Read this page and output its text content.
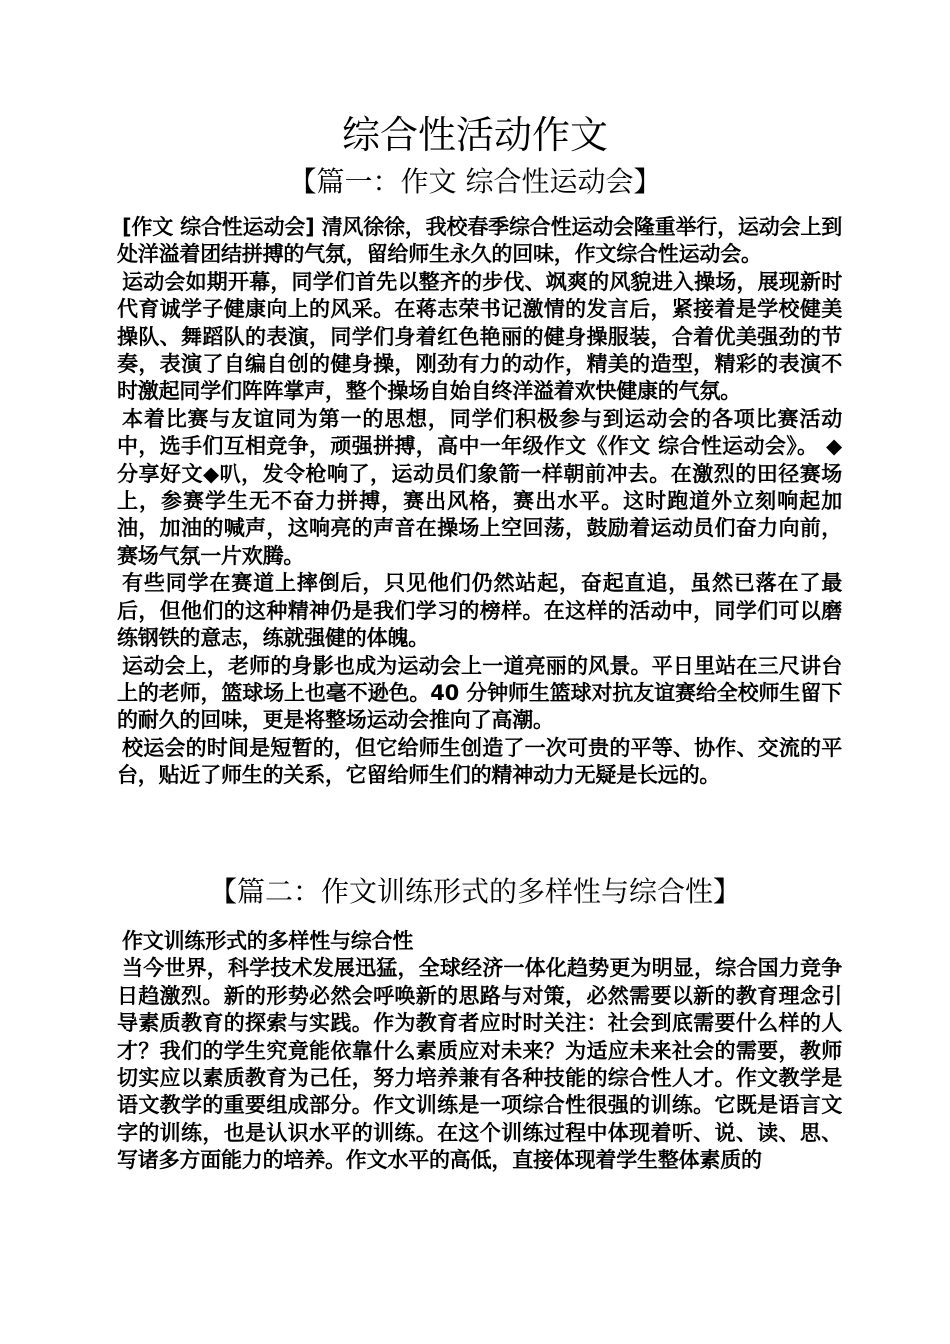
综合性活动作文
【篇一：作文 综合性运动会】

[作文 综合性运动会] 清风徐徐，我校春季综合性运动会隆重举行，运动会上到处洋溢着团结拼搏的气氛，留给师生永久的回味，作文综合性运动会。

运动会如期开幕，同学们首先以整齐的步伐、飒爽的风貌进入操场，展现新时代育诚学子健康向上的风采。在蒋志荣书记激情的发言后，紧接着是学校健美操队、舞蹈队的表演，同学们身着红色艳丽的健身操服装，合着优美强劲的节奏，表演了自编自创的健身操，刚劲有力的动作，精美的造型，精彩的表演不时激起同学们阵阵掌声，整个操场自始自终洋溢着欢快健康的气氛。

本着比赛与友谊同为第一的思想，同学们积极参与到运动会的各项比赛活动中，选手们互相竞争，顽强拼搏，高中一年级作文《作文 综合性运动会》。 ◆分享好文◆叭，发令枪响了，运动员们象箭一样朝前冲去。在激烈的田径赛场上，参赛学生无不奋力拼搏，赛出风格，赛出水平。这时跑道外立刻响起加油，加油的喊声，这响亮的声音在操场上空回荡，鼓励着运动员们奋力向前，赛场气氛一片欢腾。

有些同学在赛道上摔倒后，只见他们仍然站起，奋起直追，虽然已落在了最后，但他们的这种精神仍是我们学习的榜样。在这样的活动中，同学们可以磨练钢铁的意志，练就强健的体魄。

运动会上，老师的身影也成为运动会上一道亮丽的风景。平日里站在三尺讲台上的老师，篮球场上也毫不逊色。40 分钟师生篮球对抗友谊赛给全校师生留下的耐久的回味，更是将整场运动会推向了高潮。

校运会的时间是短暂的，但它给师生创造了一次可贵的平等、协作、交流的平台，贴近了师生的关系，它留给师生们的精神动力无疑是长远的。

【篇二：作文训练形式的多样性与综合性】

作文训练形式的多样性与综合性

当今世界，科学技术发展迅猛，全球经济一体化趋势更为明显，综合国力竞争日趋激烈。新的形势必然会呼唤新的思路与对策，必然需要以新的教育理念引导素质教育的探索与实践。作为教育者应时时关注：社会到底需要什么样的人才？我们的学生究竟能依靠什么素质应对未来？为适应未来社会的需要，教师切实应以素质教育为己任，努力培养兼有各种技能的综合性人才。作文教学是语文教学的重要组成部分。作文训练是一项综合性很强的训练。它既是语言文字的训练，也是认识水平的训练。在这个训练过程中体现着听、说、读、思、写诸多方面能力的培养。作文水平的高低，直接体现着学生整体素质的
